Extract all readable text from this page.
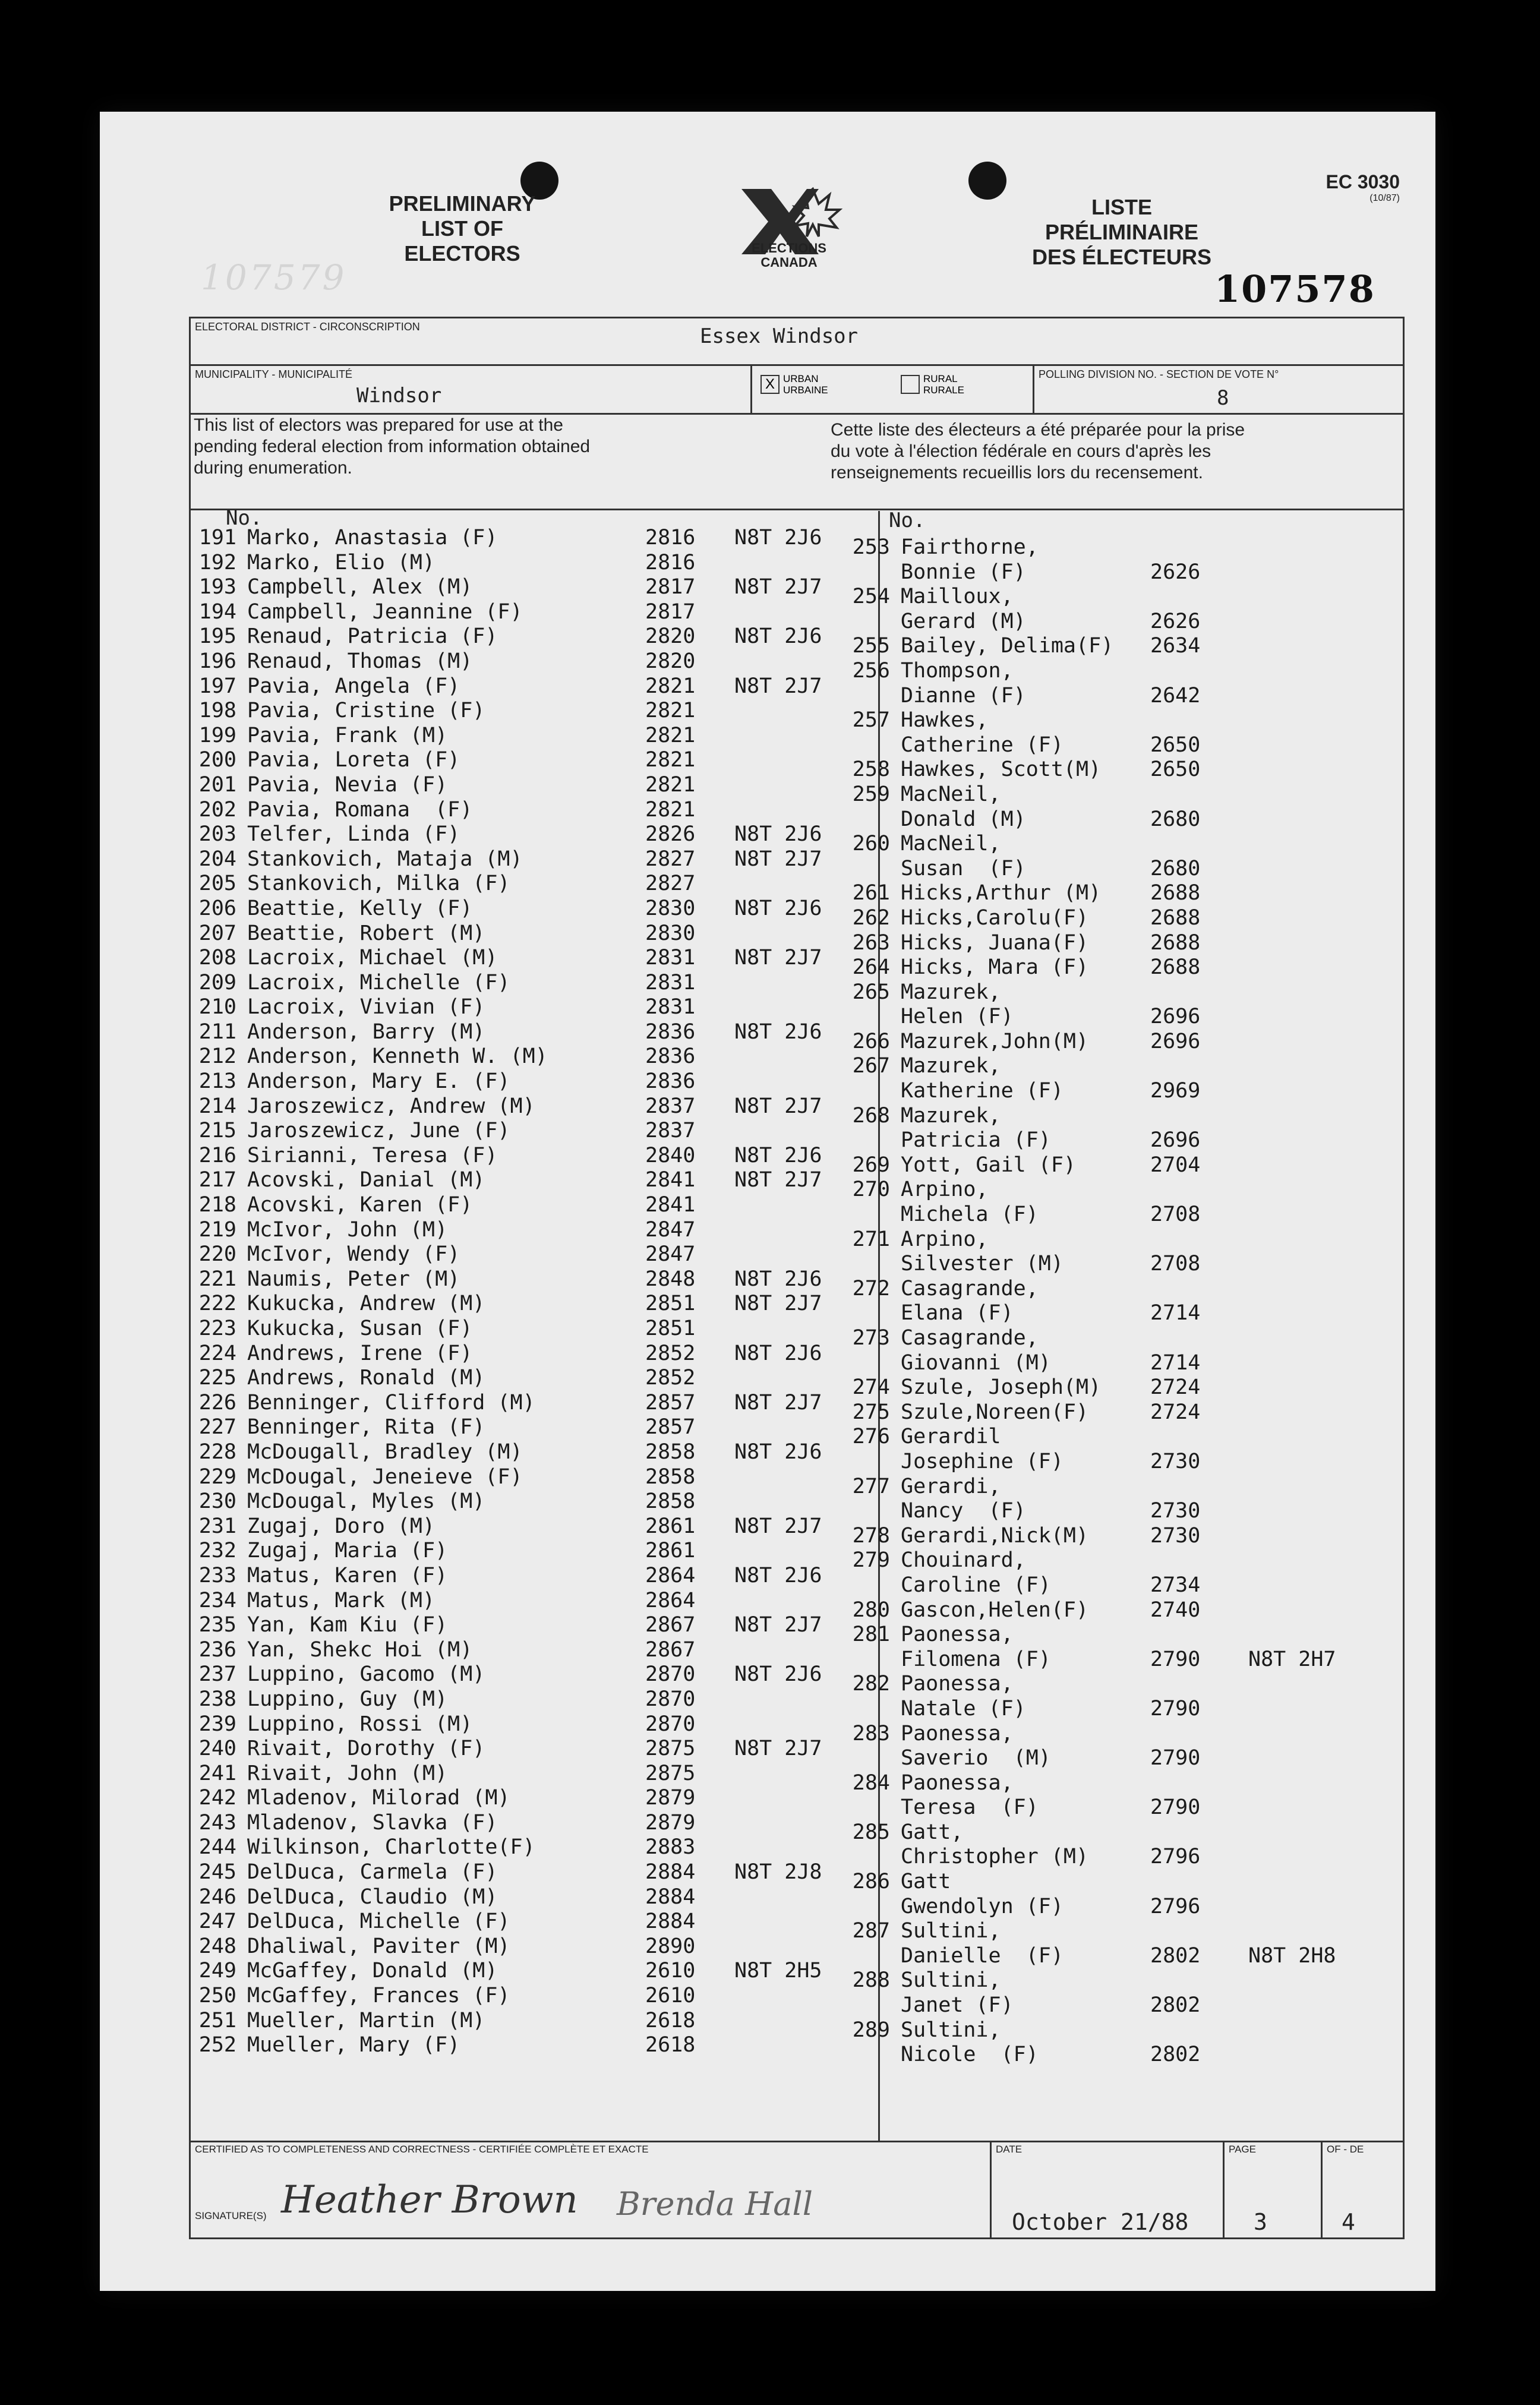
PRELIMINARY
LIST OF
ELECTORS	ELECTIONS
CANADA
LISTE
PRÉLIMINAIRE
DES ÉLECTEURS
EC 3030
(10/87)
107579	107578
ELECTORAL DISTRICT - CIRCONSCRIPTION	Essex Windsor
MUNICIPALITY - MUNICIPALITÉ
Windsor	X URBAN
URBAINE
RURAL
RURALE
POLLING DIVISION NO. - SECTION DE VOTE N°
8
This list of electors was prepared for use at the
pending federal election from information obtained
during enumeration.
Cette liste des électeurs a été préparée pour la prise
du vote à l'élection fédérale en cours d'après les
renseignements recueillis lors du recensement.
No.	No.
191 Marko, Anastasia (F)	2816	N8T 2J6
192 Marko, Elio (M)	2816
193 Campbell, Alex (M)	2817	N8T 2J7
194 Campbell, Jeannine (F)	2817
195 Renaud, Patricia (F)	2820	N8T 2J6
196 Renaud, Thomas (M)	2820
197 Pavia, Angela (F)	2821	N8T 2J7
198 Pavia, Cristine (F)	2821
199 Pavia, Frank (M)	2821
200 Pavia, Loreta (F)	2821
201 Pavia, Nevia (F)	2821
202 Pavia, Romana  (F)	2821
203 Telfer, Linda (F)	2826	N8T 2J6
204 Stankovich, Mataja (M)	2827	N8T 2J7
205 Stankovich, Milka (F)	2827
206 Beattie, Kelly (F)	2830	N8T 2J6
207 Beattie, Robert (M)	2830
208 Lacroix, Michael (M)	2831	N8T 2J7
209 Lacroix, Michelle (F)	2831
210 Lacroix, Vivian (F)	2831
211 Anderson, Barry (M)	2836	N8T 2J6
212 Anderson, Kenneth W. (M)	2836
213 Anderson, Mary E. (F)	2836
214 Jaroszewicz, Andrew (M)	2837	N8T 2J7
215 Jaroszewicz, June (F)	2837
216 Sirianni, Teresa (F)	2840	N8T 2J6
217 Acovski, Danial (M)	2841	N8T 2J7
218 Acovski, Karen (F)	2841
219 McIvor, John (M)	2847
220 McIvor, Wendy (F)	2847
221 Naumis, Peter (M)	2848	N8T 2J6
222 Kukucka, Andrew (M)	2851	N8T 2J7
223 Kukucka, Susan (F)	2851
224 Andrews, Irene (F)	2852	N8T 2J6
225 Andrews, Ronald (M)	2852
226 Benninger, Clifford (M)	2857	N8T 2J7
227 Benninger, Rita (F)	2857
228 McDougall, Bradley (M)	2858	N8T 2J6
229 McDougal, Jeneieve (F)	2858
230 McDougal, Myles (M)	2858
231 Zugaj, Doro (M)	2861	N8T 2J7
232 Zugaj, Maria (F)	2861
233 Matus, Karen (F)	2864	N8T 2J6
234 Matus, Mark (M)	2864
235 Yan, Kam Kiu (F)	2867	N8T 2J7
236 Yan, Shekc Hoi (M)	2867
237 Luppino, Gacomo (M)	2870	N8T 2J6
238 Luppino, Guy (M)	2870
239 Luppino, Rossi (M)	2870
240 Rivait, Dorothy (F)	2875	N8T 2J7
241 Rivait, John (M)	2875
242 Mladenov, Milorad (M)	2879
243 Mladenov, Slavka (F)	2879
244 Wilkinson, Charlotte(F)	2883
245 DelDuca, Carmela (F)	2884	N8T 2J8
246 DelDuca, Claudio (M)	2884
247 DelDuca, Michelle (F)	2884
248 Dhaliwal, Paviter (M)	2890
249 McGaffey, Donald (M)	2610	N8T 2H5
250 McGaffey, Frances (F)	2610
251 Mueller, Martin (M)	2618
252 Mueller, Mary (F)	2618
253 Fairthorne,
Bonnie (F)	2626
254 Mailloux,
Gerard (M)	2626
255 Bailey, Delima(F)	2634
256 Thompson,
Dianne (F)	2642
257 Hawkes,
Catherine (F)	2650
258 Hawkes, Scott(M)	2650
259 MacNeil,
Donald (M)	2680
260 MacNeil,
Susan  (F)	2680
261 Hicks,Arthur (M)	2688
262 Hicks,Carolu(F)	2688
263 Hicks, Juana(F)	2688
264 Hicks, Mara (F)	2688
265 Mazurek,
Helen (F)	2696
266 Mazurek,John(M)	2696
267 Mazurek,
Katherine (F)	2969
268 Mazurek,
Patricia (F)	2696
269 Yott, Gail (F)	2704
270 Arpino,
Michela (F)	2708
271 Arpino,
Silvester (M)	2708
272 Casagrande,
Elana (F)	2714
273 Casagrande,
Giovanni (M)	2714
274 Szule, Joseph(M)	2724
275 Szule,Noreen(F)	2724
276 Gerardil
Josephine (F)	2730
277 Gerardi,
Nancy  (F)	2730
278 Gerardi,Nick(M)	2730
279 Chouinard,
Caroline (F)	2734
280 Gascon,Helen(F)	2740
281 Paonessa,
Filomena (F)	2790	N8T 2H7
282 Paonessa,
Natale (F)	2790
283 Paonessa,
Saverio  (M)	2790
284 Paonessa,
Teresa  (F)	2790
285 Gatt,
Christopher (M)	2796
286 Gatt
Gwendolyn (F)	2796
287 Sultini,
Danielle  (F)	2802	N8T 2H8
288 Sultini,
Janet (F)	2802
289 Sultini,
Nicole  (F)	2802
CERTIFIED AS TO COMPLETENESS AND CORRECTNESS - CERTIFIÉE COMPLÈTE ET EXACTE
SIGNATURE(S) Heather Brown Brenda Hall
DATE
October 21/88
PAGE
3
OF - DE
4
